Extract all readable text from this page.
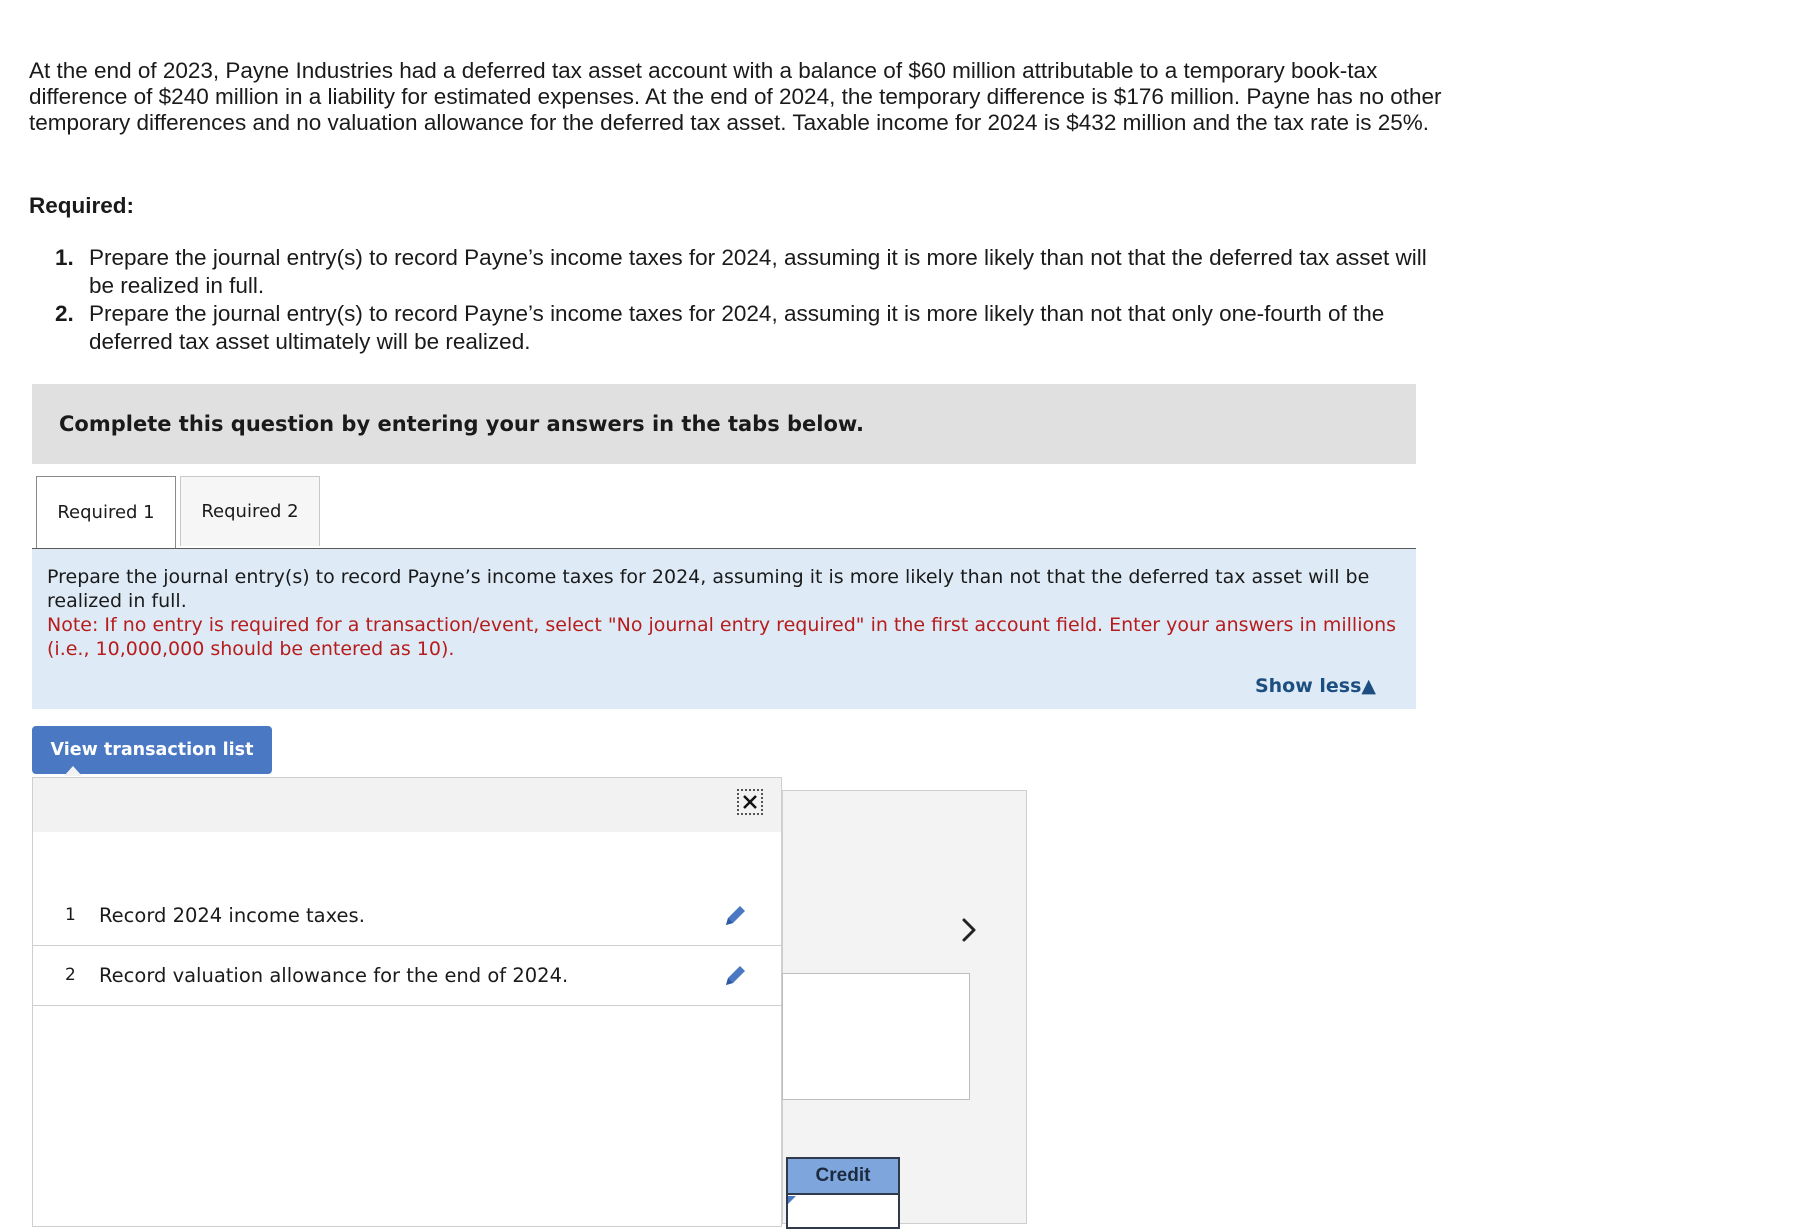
At the end of 2023, Payne Industries had a deferred tax asset account with a balance of $60 million attributable to a temporary book-tax difference of $240 million in a liability for estimated expenses. At the end of 2024, the temporary difference is $176 million. Payne has no other temporary differences and no valuation allowance for the deferred tax asset. Taxable income for 2024 is $432 million and the tax rate is 25%.

Required:

1. Prepare the journal entry(s) to record Payne’s income taxes for 2024, assuming it is more likely than not that the deferred tax asset will be realized in full.
2. Prepare the journal entry(s) to record Payne’s income taxes for 2024, assuming it is more likely than not that only one-fourth of the deferred tax asset ultimately will be realized.
Complete this question by entering your answers in the tabs below.
Required 1	Required 2
Prepare the journal entry(s) to record Payne’s income taxes for 2024, assuming it is more likely than not that the deferred tax asset will be realized in full.
Note: If no entry is required for a transaction/event, select "No journal entry required" in the first account field. Enter your answers in millions (i.e., 10,000,000 should be entered as 10).
Show less▲
Credit
View transaction list
1 Record 2024 income taxes.
2 Record valuation allowance for the end of 2024.
